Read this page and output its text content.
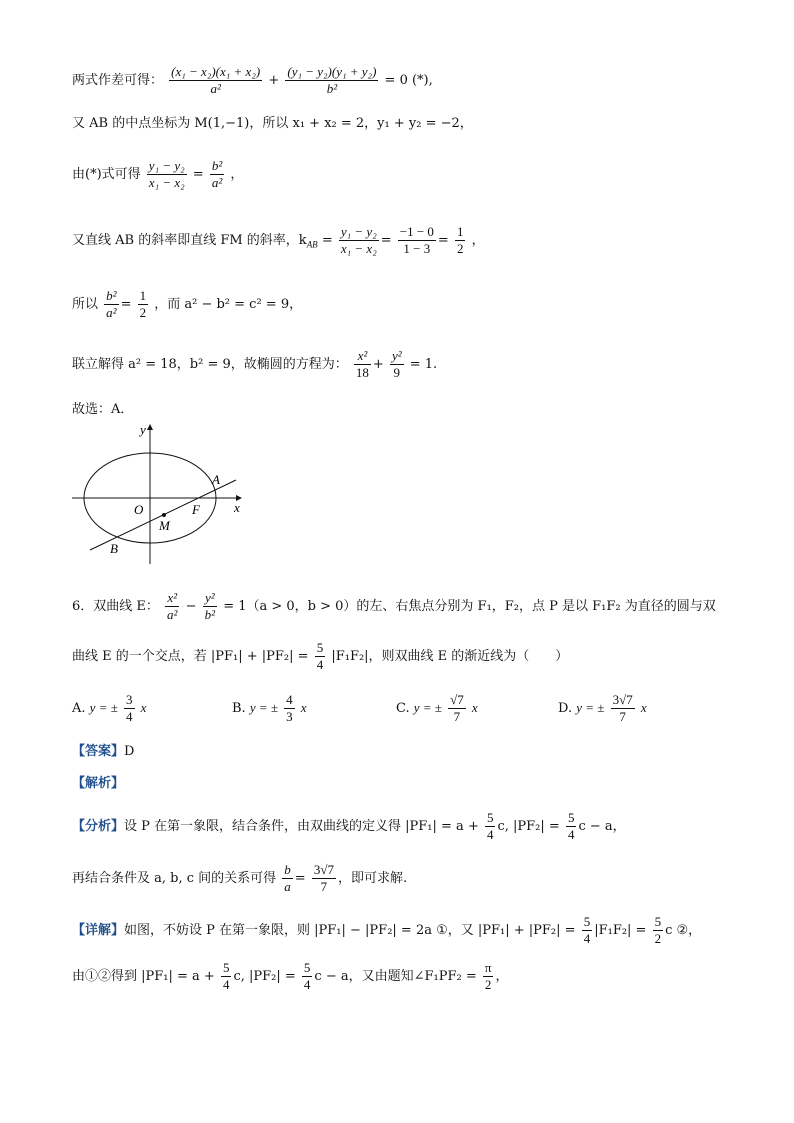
两式作差可得： $\frac{\text{(x₁ − x₂)(x₁ + x₂)}}{\text{a²}} + \frac{\text{(y₁ − y₂)(y₁ + y₂)}}{\text{b²}} = 0$ (*),
又 AB 的中点坐标为 M(1,−1)，所以 x₁ + x₂ = 2，y₁ + y₂ = −2，
由(*)式可得 $\frac{\text{y₁ − y₂}}{\text{x₁ − x₂}} = \frac{\text{b²}}{\text{a²}}$ ，
又直线 AB 的斜率即直线 FM 的斜率，$k_{AB} = \frac{\text{y₁ − y₂}}{\text{x₁ − x₂}} = \frac{-1 - 0}{1 - 3} = \frac{1}{2}$ ，
所以 $\frac{\text{b²}}{\text{a²}} = \frac{1}{2}$ ，而 a² − b² = c² = 9，
联立解得 a² = 18，b² = 9，故椭圆的方程为： $\frac{\text{x²}}{18} + \frac{\text{y²}}{9} = 1$.
故选：A．
y
x
O
A
B
F
M
6．双曲线 E： $\frac{\text{x²}}{\text{a²}} - \frac{\text{y²}}{\text{b²}} = 1(a > 0$，b > 0）的左、右焦点分别为 F₁，F₂，点 P 是以 F₁F₂ 为直径的圆与双
曲线 E 的一个交点，若 $|PF_1| + |PF_2| = \frac{5}{4} |F_1F_2|$，则双曲线 E 的渐近线为（　　）
A. y = ± $\frac{3}{4}$ x	B. y = ± $\frac{4}{3}$ x	C. y = ± $\frac{√7}{7}$ x	D. y = ± $\frac{3√7}{7}$ x
【答案】D
【解析】
【分析】设 P 在第一象限，结合条件，由双曲线的定义得 $|PF_1| = a + \frac{5}{4} c$, $|PF_2| = \frac{5}{4}$ c − a，
再结合条件及 a, b, c 间的关系可得 $\frac{b}{a} = \frac{3√7}{7}$ ，即可求解.
【详解】如图，不妨设 P 在第一象限，则 |PF₁| − |PF₂| = 2a ①，又 $|PF_1| + |PF_2| = \frac{5}{4} |F_1F_2| = \frac{5}{2}$ c ②，
由①②得到 $|PF_1| = a + \frac{5}{4} c$, $|PF_2| = \frac{5}{4}$ c − a，又由题知∠F₁PF₂ = $\frac{\pi}{2}$ ，
